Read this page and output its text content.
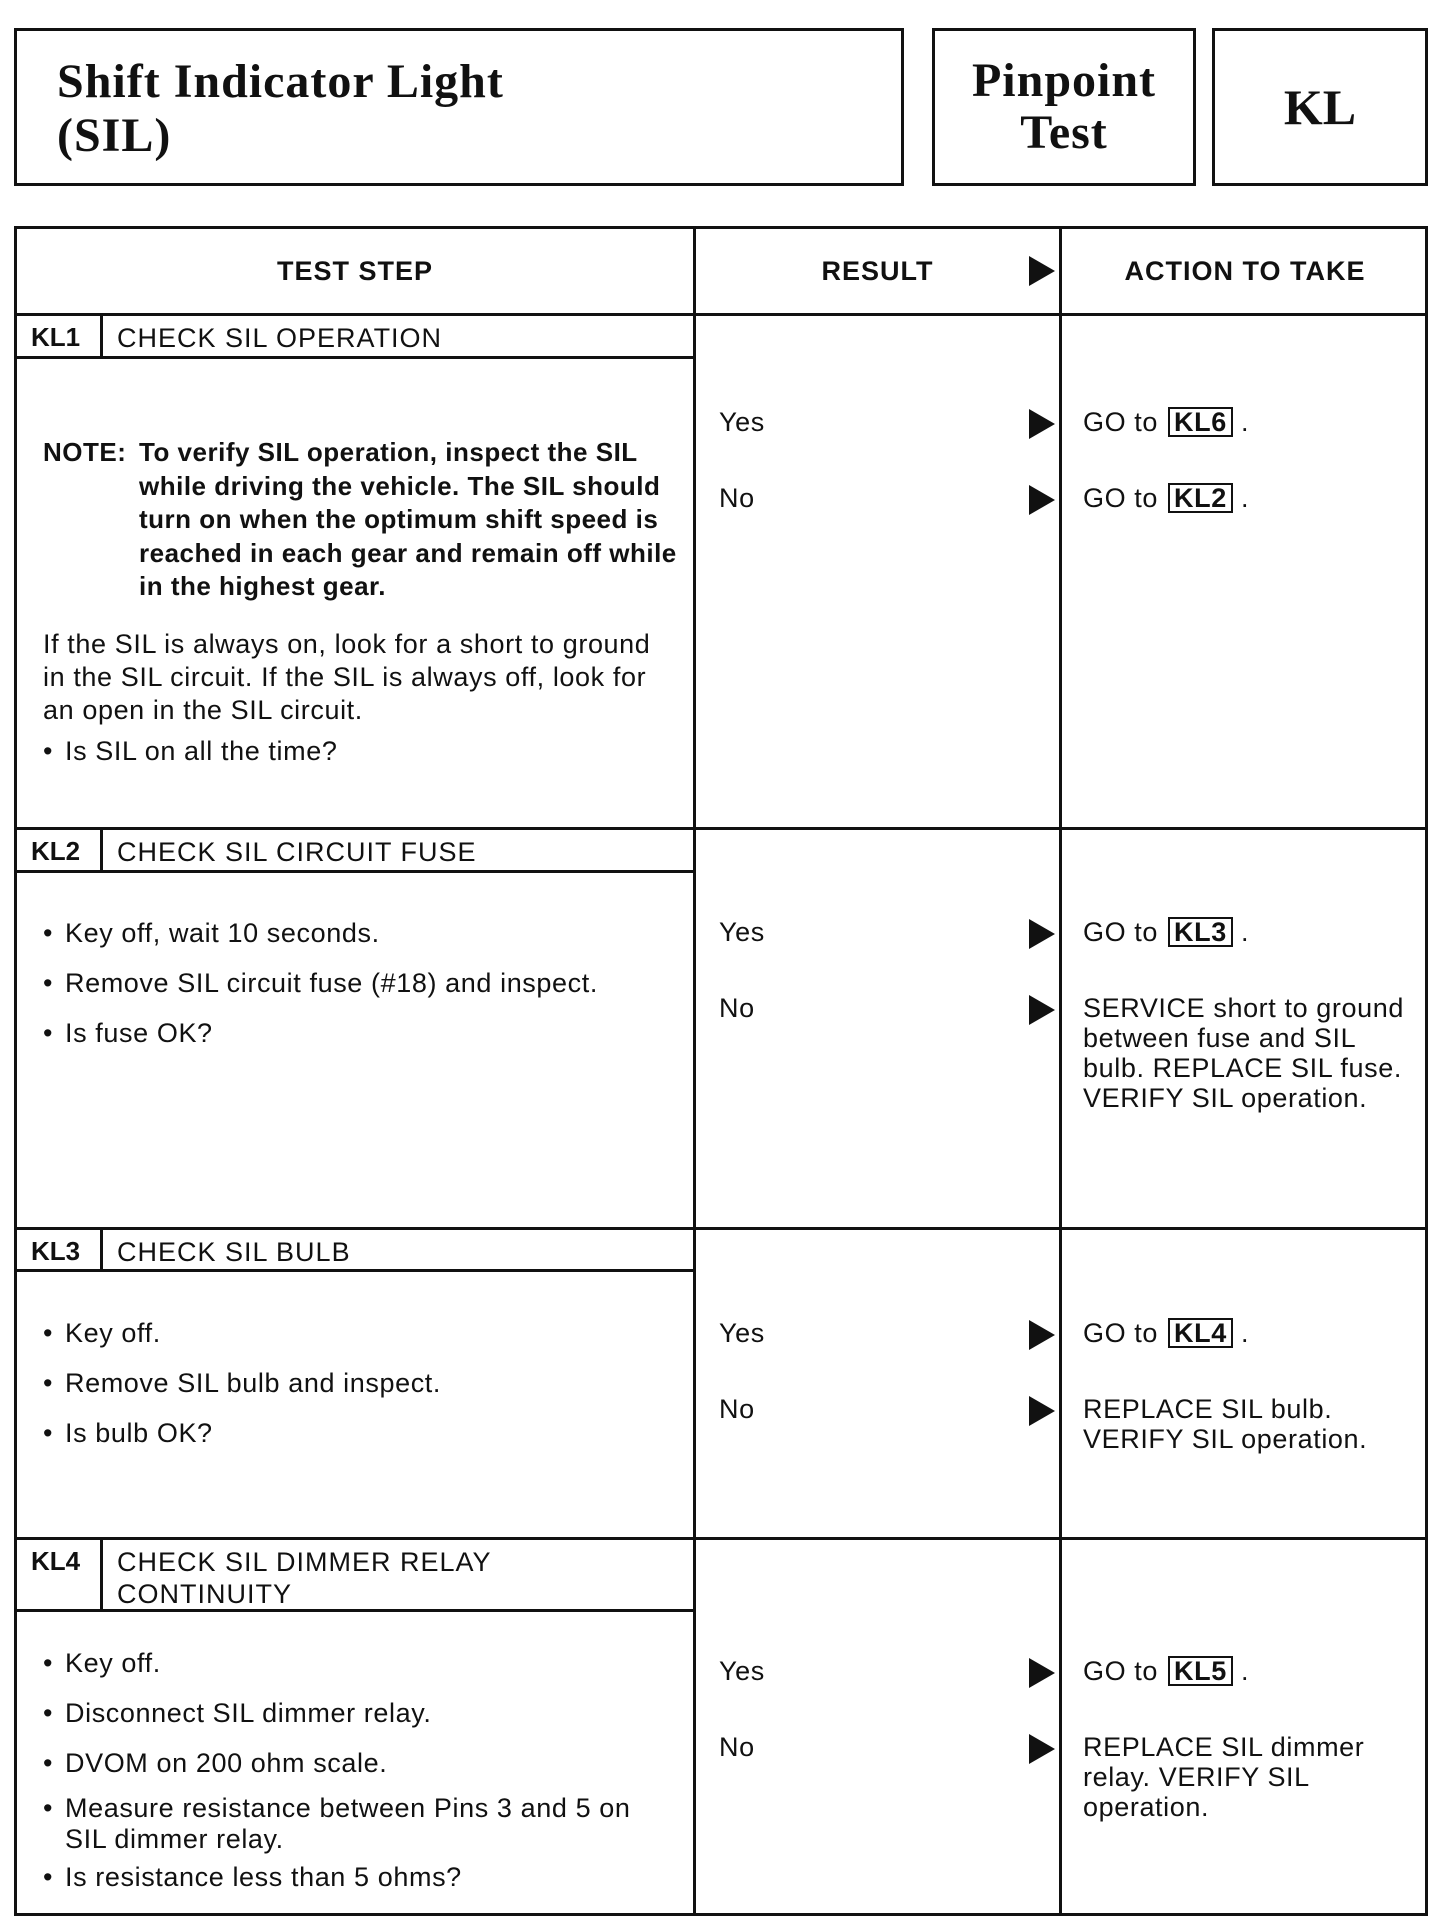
Shift Indicator Light
(SIL)
Pinpoint
Test	KL
TEST STEP	RESULT	ACTION TO TAKE
KL1	CHECK SIL OPERATION
NOTE: To verify SIL operation, inspect the SIL while driving the vehicle. The SIL should turn on when the optimum shift speed is reached in each gear and remain off while in the highest gear.
If the SIL is always on, look for a short to ground in the SIL circuit. If the SIL is always off, look for an open in the SIL circuit.
• Is SIL on all the time?
Yes	GO to KL6 .
No	GO to KL2 .
KL2	CHECK SIL CIRCUIT FUSE
• Key off, wait 10 seconds.
• Remove SIL circuit fuse (#18) and inspect.
• Is fuse OK?
Yes	GO to KL3 .
No	SERVICE short to ground between fuse and SIL bulb. REPLACE SIL fuse. VERIFY SIL operation.
KL3	CHECK SIL BULB
• Key off.
• Remove SIL bulb and inspect.
• Is bulb OK?
Yes	GO to KL4 .
No	REPLACE SIL bulb. VERIFY SIL operation.
KL4	CHECK SIL DIMMER RELAY
CONTINUITY
• Key off.
• Disconnect SIL dimmer relay.
• DVOM on 200 ohm scale.
• Measure resistance between Pins 3 and 5 on SIL dimmer relay.
• Is resistance less than 5 ohms?
Yes	GO to KL5 .
No	REPLACE SIL dimmer relay. VERIFY SIL operation.
